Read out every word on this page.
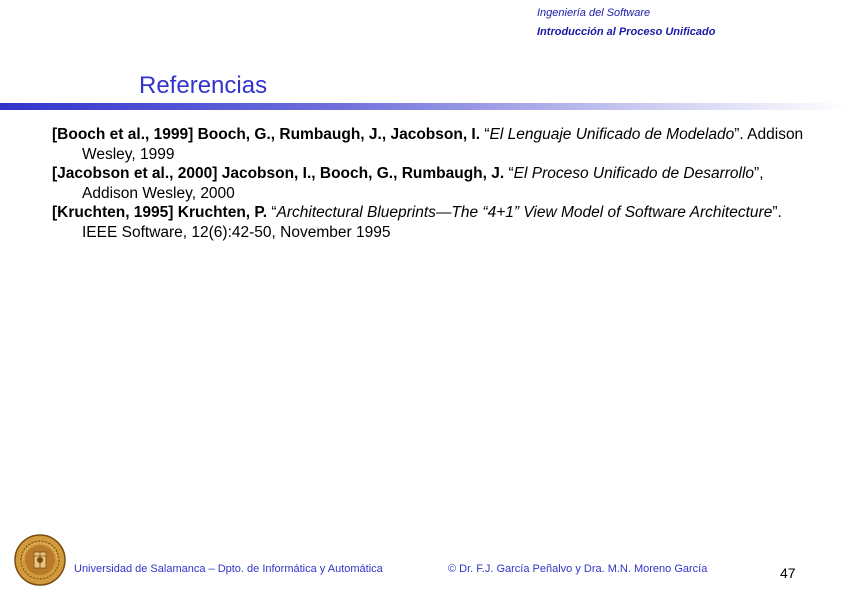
Ingeniería del Software
Introducción al Proceso Unificado
Referencias
[Booch et al., 1999] Booch, G., Rumbaugh, J., Jacobson, I. “El Lenguaje Unificado de Modelado”. Addison Wesley, 1999
[Jacobson et al., 2000] Jacobson, I., Booch, G., Rumbaugh, J. “El Proceso Unificado de Desarrollo”, Addison Wesley, 2000
[Kruchten, 1995] Kruchten, P. “Architectural Blueprints—The “4+1” View Model of Software Architecture”. IEEE Software, 12(6):42-50, November 1995
Universidad de Salamanca – Dpto. de Informática y Automática	© Dr. F.J. García Peñalvo y Dra. M.N. Moreno García	47
